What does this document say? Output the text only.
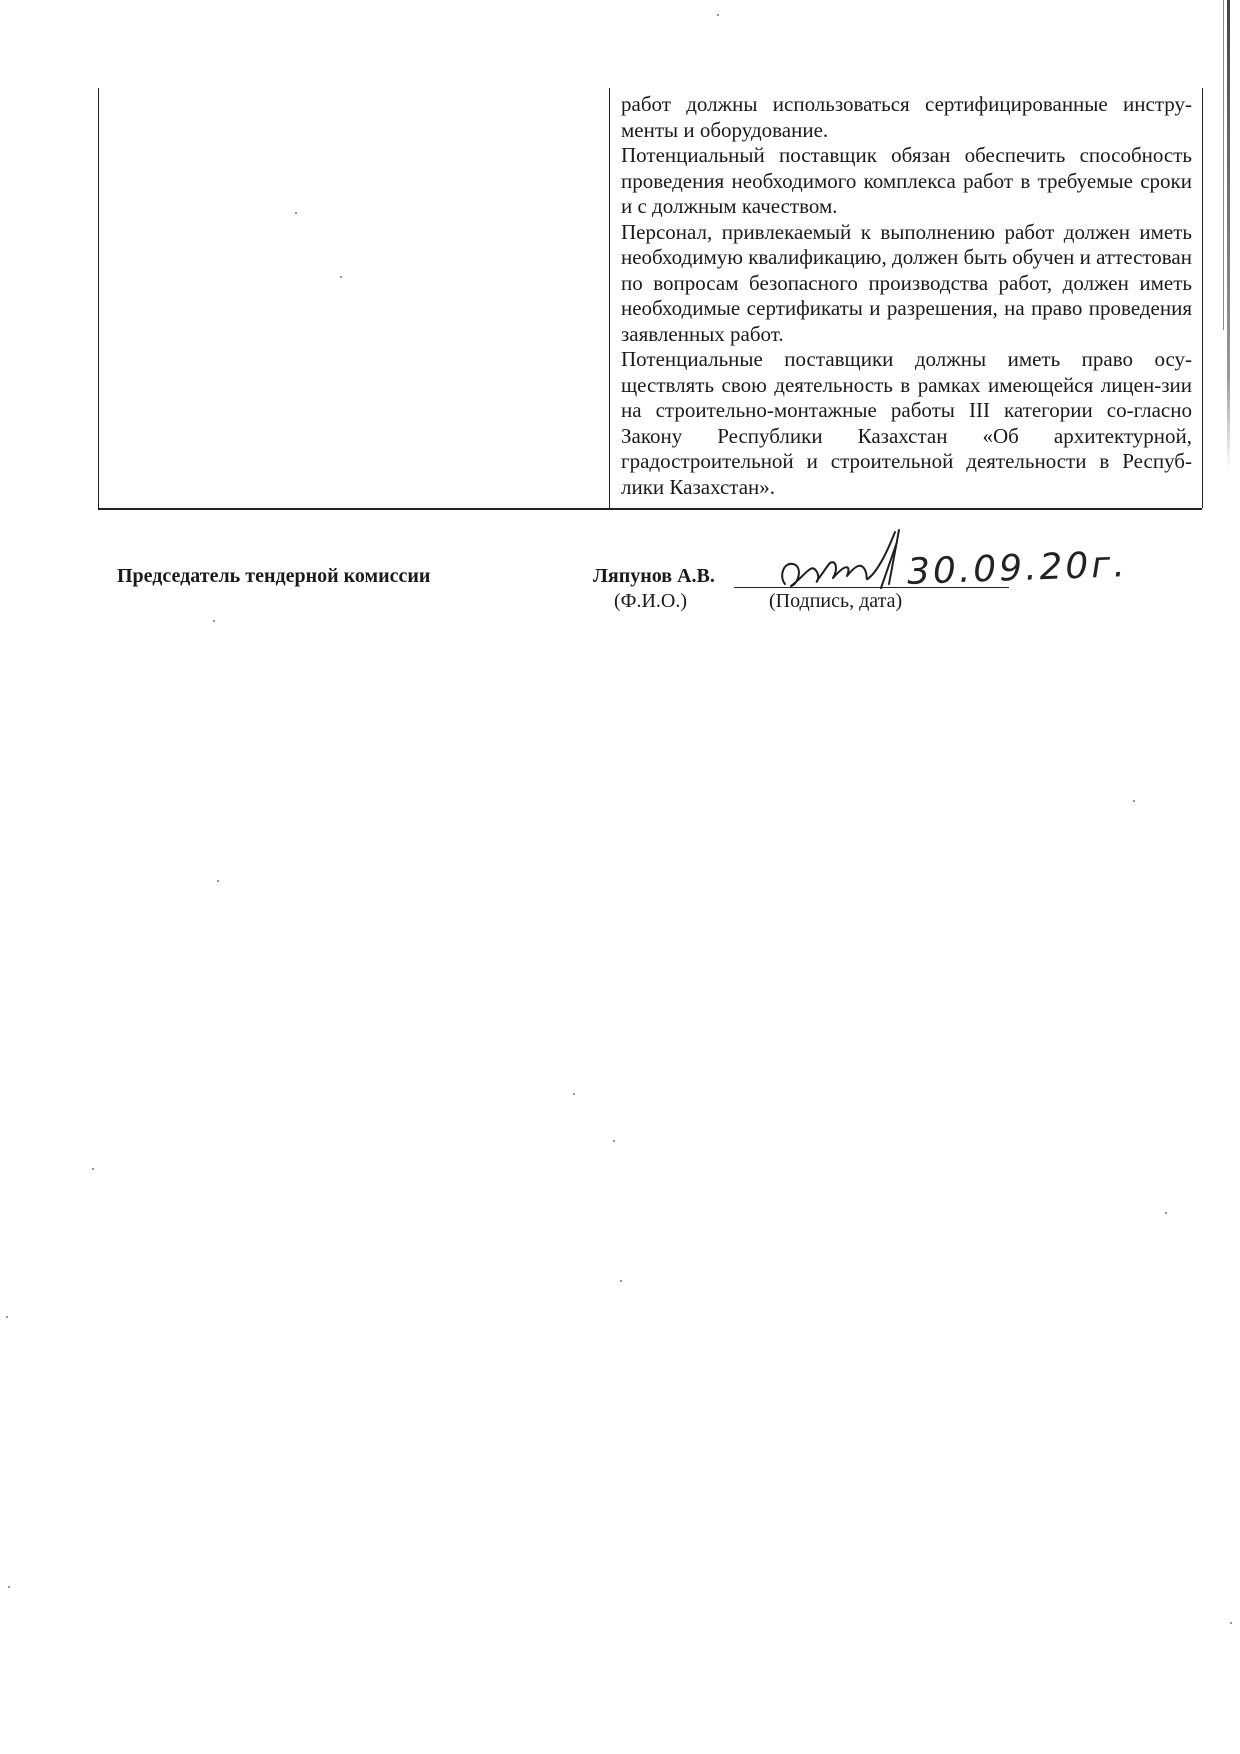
работ должны использоваться сертифицированные инстру-менты и оборудование.

Потенциальный поставщик обязан обеспечить способность проведения необходимого комплекса работ в требуемые сроки и с должным качеством.

Персонал, привлекаемый к выполнению работ должен иметь необходимую квалификацию, должен быть обучен и аттестован по вопросам безопасного производства работ, должен иметь необходимые сертификаты и разрешения, на право проведения заявленных работ.

Потенциальные поставщики должны иметь право осу-ществлять свою деятельность в рамках имеющейся лицен-зии на строительно-монтажные работы III категории со-гласно Закону Республики Казахстан «Об архитектурной, градостроительной и строительной деятельности в Респуб-лики Казахстан».

Председатель тендерной комиссии	Ляпунов А.В.
(Ф.И.О.)	(Подпись, дата)
30.09.20г.
